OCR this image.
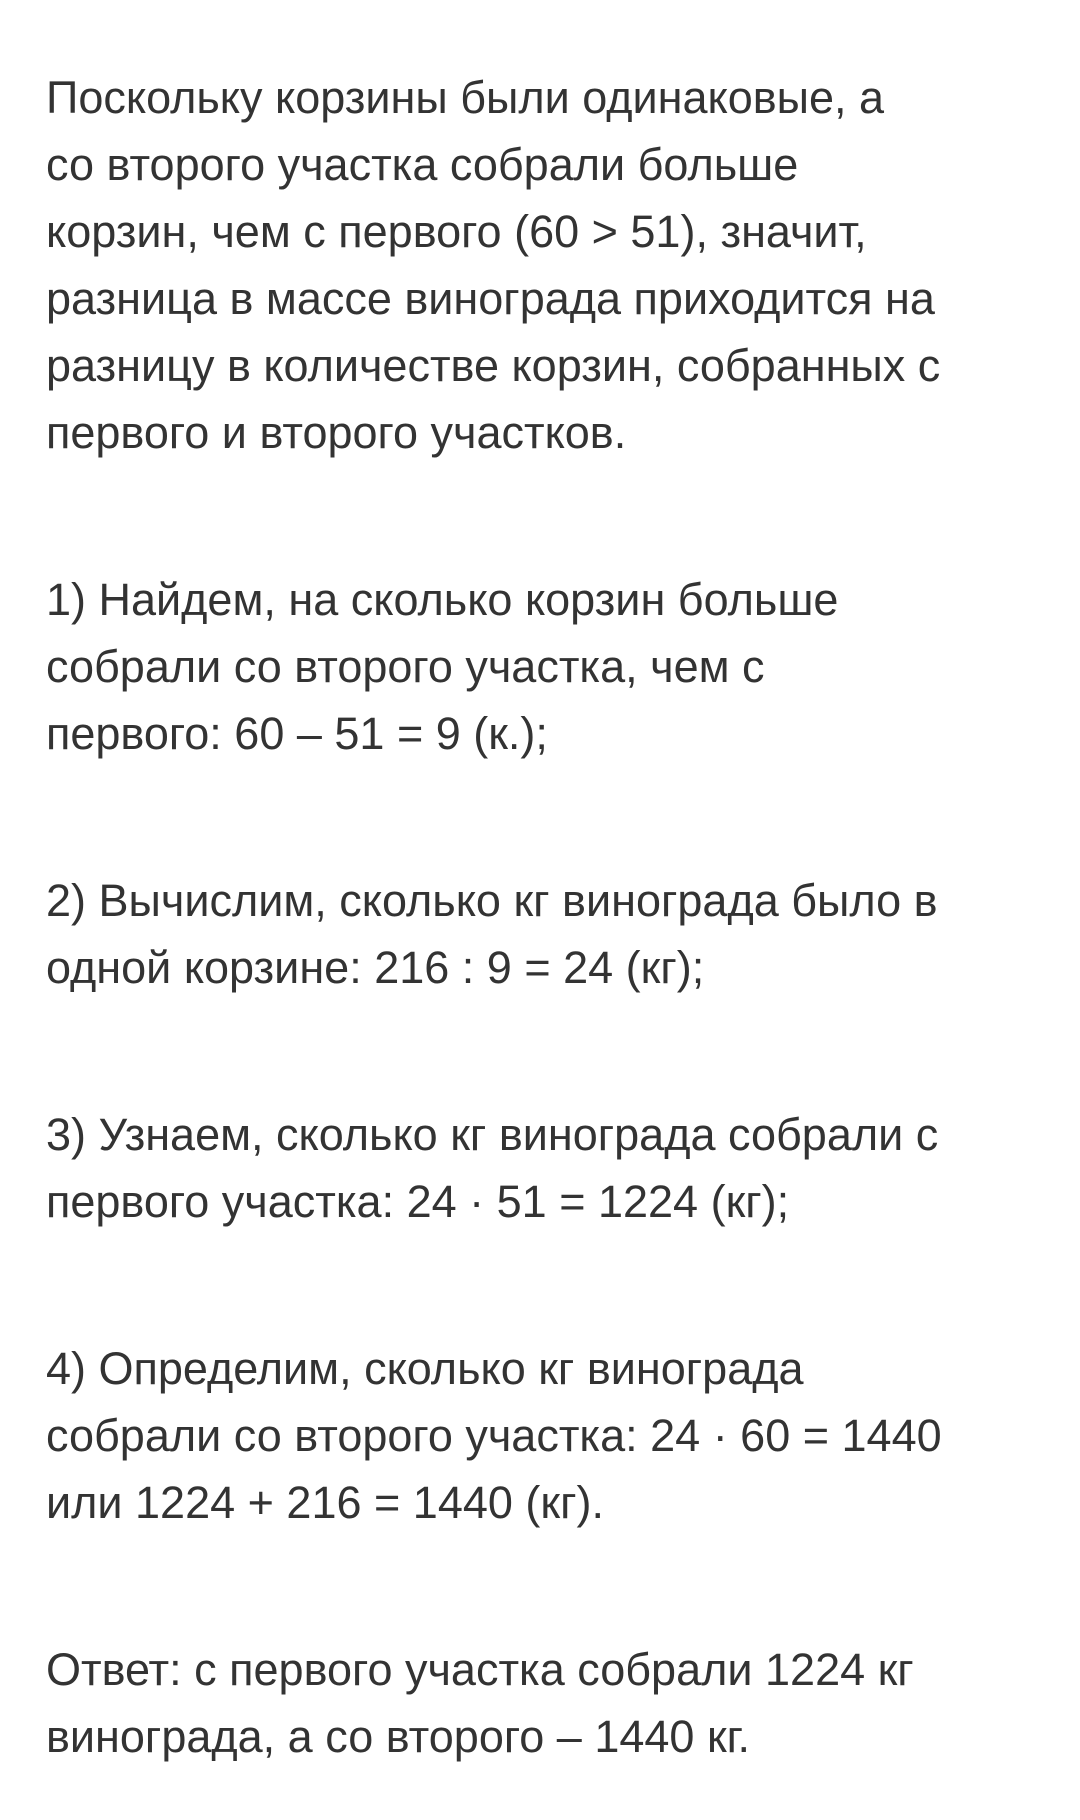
Поскольку корзины были одинаковые, а
со второго участка собрали больше
корзин, чем с первого (60 ˃ 51), значит,
разница в массе винограда приходится на
разницу в количестве корзин, собранных с
первого и второго участков.
1) Найдем, на сколько корзин больше
собрали со второго участка, чем с
первого: 60 – 51 = 9 (к.);
2) Вычислим, сколько кг винограда было в
одной корзине: 216 : 9 = 24 (кг);
3) Узнаем, сколько кг винограда собрали с
первого участка: 24 · 51 = 1224 (кг);
4) Определим, сколько кг винограда
собрали со второго участка: 24 · 60 = 1440
или 1224 + 216 = 1440 (кг).
Ответ: с первого участка собрали 1224 кг
винограда, а со второго – 1440 кг.
